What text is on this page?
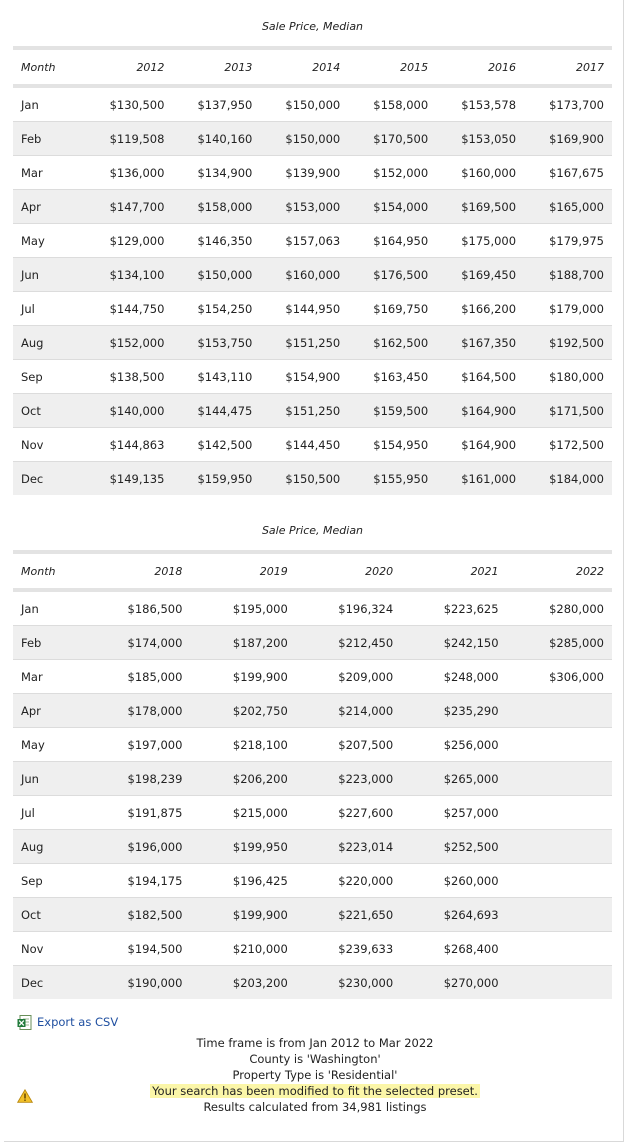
Sale Price, Median
Month	2012	2013	2014	2015	2016	2017
Jan	$130,500	$137,950	$150,000	$158,000	$153,578	$173,700
Feb	$119,508	$140,160	$150,000	$170,500	$153,050	$169,900
Mar	$136,000	$134,900	$139,900	$152,000	$160,000	$167,675
Apr	$147,700	$158,000	$153,000	$154,000	$169,500	$165,000
May	$129,000	$146,350	$157,063	$164,950	$175,000	$179,975
Jun	$134,100	$150,000	$160,000	$176,500	$169,450	$188,700
Jul	$144,750	$154,250	$144,950	$169,750	$166,200	$179,000
Aug	$152,000	$153,750	$151,250	$162,500	$167,350	$192,500
Sep	$138,500	$143,110	$154,900	$163,450	$164,500	$180,000
Oct	$140,000	$144,475	$151,250	$159,500	$164,900	$171,500
Nov	$144,863	$142,500	$144,450	$154,950	$164,900	$172,500
Dec	$149,135	$159,950	$150,500	$155,950	$161,000	$184,000
Sale Price, Median
Month	2018	2019	2020	2021	2022
Jan	$186,500	$195,000	$196,324	$223,625	$280,000
Feb	$174,000	$187,200	$212,450	$242,150	$285,000
Mar	$185,000	$199,900	$209,000	$248,000	$306,000
Apr	$178,000	$202,750	$214,000	$235,290
May	$197,000	$218,100	$207,500	$256,000
Jun	$198,239	$206,200	$223,000	$265,000
Jul	$191,875	$215,000	$227,600	$257,000
Aug	$196,000	$199,950	$223,014	$252,500
Sep	$194,175	$196,425	$220,000	$260,000
Oct	$182,500	$199,900	$221,650	$264,693
Nov	$194,500	$210,000	$239,633	$268,400
Dec	$190,000	$203,200	$230,000	$270,000
Export as CSV
Time frame is from Jan 2012 to Mar 2022
County is 'Washington'
Property Type is 'Residential'
Your search has been modified to fit the selected preset.
Results calculated from 34,981 listings
